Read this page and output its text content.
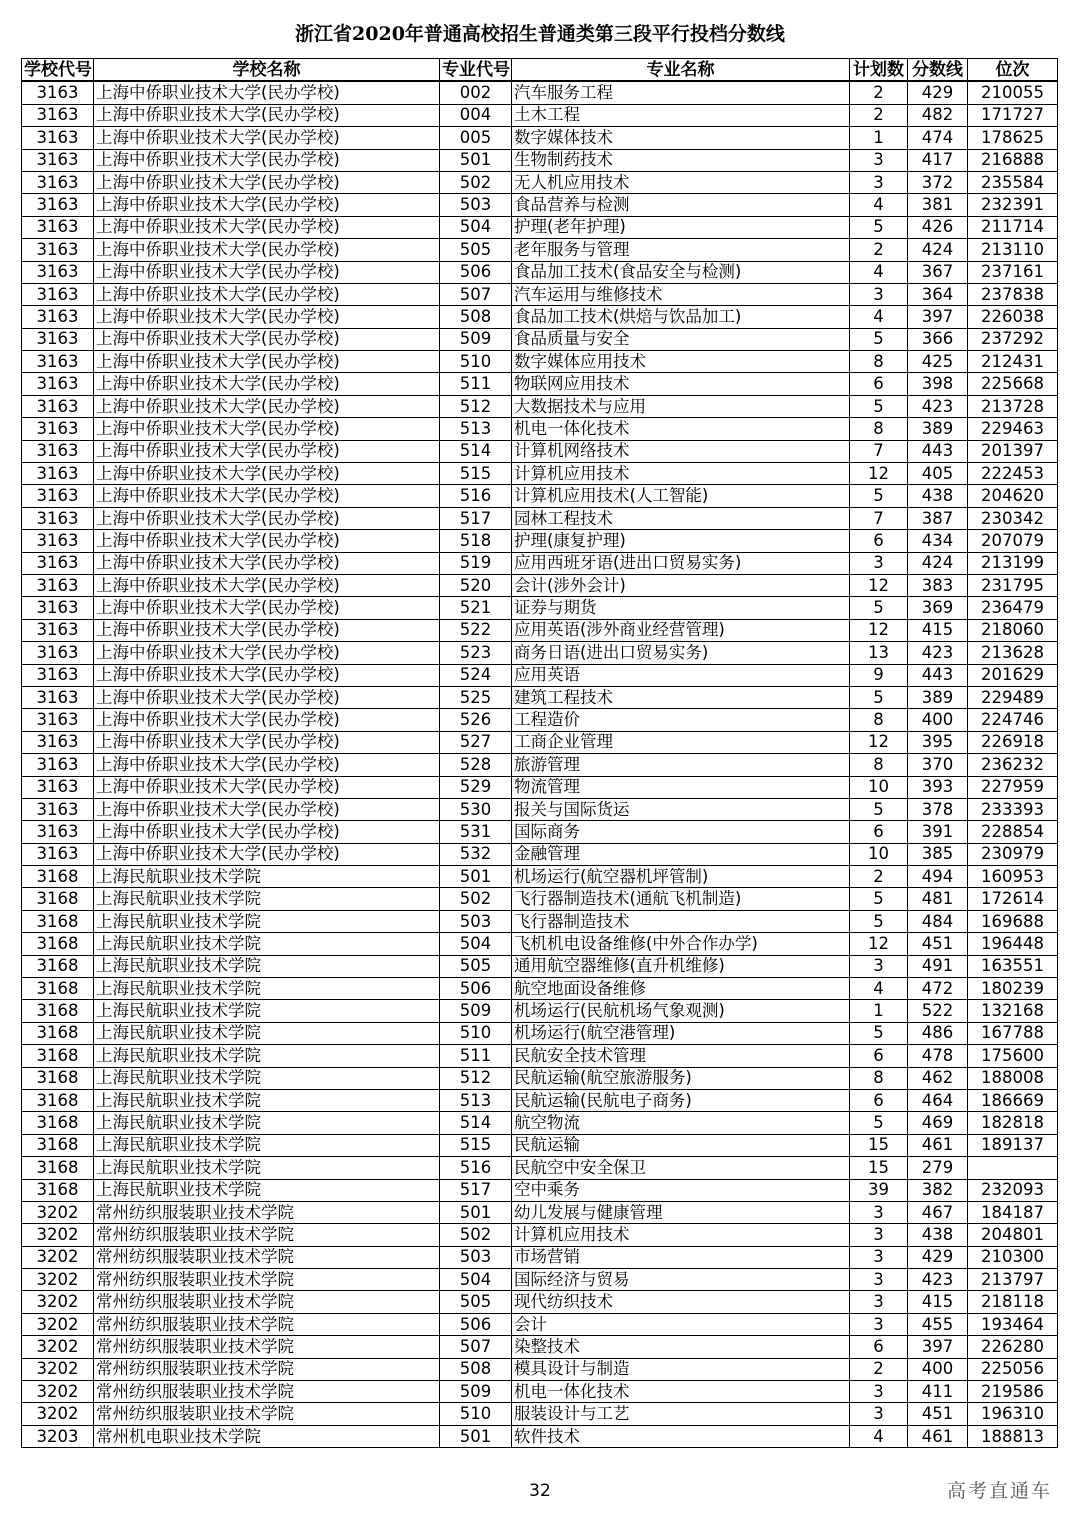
浙江省2020年普通高校招生普通类第三段平行投档分数线
学校代号	学校名称	专业代号	专业名称	计划数	分数线	位次
3163	上海中侨职业技术大学(民办学校)	002	汽车服务工程	2	429	210055
3163	上海中侨职业技术大学(民办学校)	004	土木工程	2	482	171727
3163	上海中侨职业技术大学(民办学校)	005	数字媒体技术	1	474	178625
3163	上海中侨职业技术大学(民办学校)	501	生物制药技术	3	417	216888
3163	上海中侨职业技术大学(民办学校)	502	无人机应用技术	3	372	235584
3163	上海中侨职业技术大学(民办学校)	503	食品营养与检测	4	381	232391
3163	上海中侨职业技术大学(民办学校)	504	护理(老年护理)	5	426	211714
3163	上海中侨职业技术大学(民办学校)	505	老年服务与管理	2	424	213110
3163	上海中侨职业技术大学(民办学校)	506	食品加工技术(食品安全与检测)	4	367	237161
3163	上海中侨职业技术大学(民办学校)	507	汽车运用与维修技术	3	364	237838
3163	上海中侨职业技术大学(民办学校)	508	食品加工技术(烘焙与饮品加工)	4	397	226038
3163	上海中侨职业技术大学(民办学校)	509	食品质量与安全	5	366	237292
3163	上海中侨职业技术大学(民办学校)	510	数字媒体应用技术	8	425	212431
3163	上海中侨职业技术大学(民办学校)	511	物联网应用技术	6	398	225668
3163	上海中侨职业技术大学(民办学校)	512	大数据技术与应用	5	423	213728
3163	上海中侨职业技术大学(民办学校)	513	机电一体化技术	8	389	229463
3163	上海中侨职业技术大学(民办学校)	514	计算机网络技术	7	443	201397
3163	上海中侨职业技术大学(民办学校)	515	计算机应用技术	12	405	222453
3163	上海中侨职业技术大学(民办学校)	516	计算机应用技术(人工智能)	5	438	204620
3163	上海中侨职业技术大学(民办学校)	517	园林工程技术	7	387	230342
3163	上海中侨职业技术大学(民办学校)	518	护理(康复护理)	6	434	207079
3163	上海中侨职业技术大学(民办学校)	519	应用西班牙语(进出口贸易实务)	3	424	213199
3163	上海中侨职业技术大学(民办学校)	520	会计(涉外会计)	12	383	231795
3163	上海中侨职业技术大学(民办学校)	521	证券与期货	5	369	236479
3163	上海中侨职业技术大学(民办学校)	522	应用英语(涉外商业经营管理)	12	415	218060
3163	上海中侨职业技术大学(民办学校)	523	商务日语(进出口贸易实务)	13	423	213628
3163	上海中侨职业技术大学(民办学校)	524	应用英语	9	443	201629
3163	上海中侨职业技术大学(民办学校)	525	建筑工程技术	5	389	229489
3163	上海中侨职业技术大学(民办学校)	526	工程造价	8	400	224746
3163	上海中侨职业技术大学(民办学校)	527	工商企业管理	12	395	226918
3163	上海中侨职业技术大学(民办学校)	528	旅游管理	8	370	236232
3163	上海中侨职业技术大学(民办学校)	529	物流管理	10	393	227959
3163	上海中侨职业技术大学(民办学校)	530	报关与国际货运	5	378	233393
3163	上海中侨职业技术大学(民办学校)	531	国际商务	6	391	228854
3163	上海中侨职业技术大学(民办学校)	532	金融管理	10	385	230979
3168	上海民航职业技术学院	501	机场运行(航空器机坪管制)	2	494	160953
3168	上海民航职业技术学院	502	飞行器制造技术(通航飞机制造)	5	481	172614
3168	上海民航职业技术学院	503	飞行器制造技术	5	484	169688
3168	上海民航职业技术学院	504	飞机机电设备维修(中外合作办学)	12	451	196448
3168	上海民航职业技术学院	505	通用航空器维修(直升机维修)	3	491	163551
3168	上海民航职业技术学院	506	航空地面设备维修	4	472	180239
3168	上海民航职业技术学院	509	机场运行(民航机场气象观测)	1	522	132168
3168	上海民航职业技术学院	510	机场运行(航空港管理)	5	486	167788
3168	上海民航职业技术学院	511	民航安全技术管理	6	478	175600
3168	上海民航职业技术学院	512	民航运输(航空旅游服务)	8	462	188008
3168	上海民航职业技术学院	513	民航运输(民航电子商务)	6	464	186669
3168	上海民航职业技术学院	514	航空物流	5	469	182818
3168	上海民航职业技术学院	515	民航运输	15	461	189137
3168	上海民航职业技术学院	516	民航空中安全保卫	15	279	
3168	上海民航职业技术学院	517	空中乘务	39	382	232093
3202	常州纺织服装职业技术学院	501	幼儿发展与健康管理	3	467	184187
3202	常州纺织服装职业技术学院	502	计算机应用技术	3	438	204801
3202	常州纺织服装职业技术学院	503	市场营销	3	429	210300
3202	常州纺织服装职业技术学院	504	国际经济与贸易	3	423	213797
3202	常州纺织服装职业技术学院	505	现代纺织技术	3	415	218118
3202	常州纺织服装职业技术学院	506	会计	3	455	193464
3202	常州纺织服装职业技术学院	507	染整技术	6	397	226280
3202	常州纺织服装职业技术学院	508	模具设计与制造	2	400	225056
3202	常州纺织服装职业技术学院	509	机电一体化技术	3	411	219586
3202	常州纺织服装职业技术学院	510	服装设计与工艺	3	451	196310
3203	常州机电职业技术学院	501	软件技术	4	461	188813
32	高考直通车
